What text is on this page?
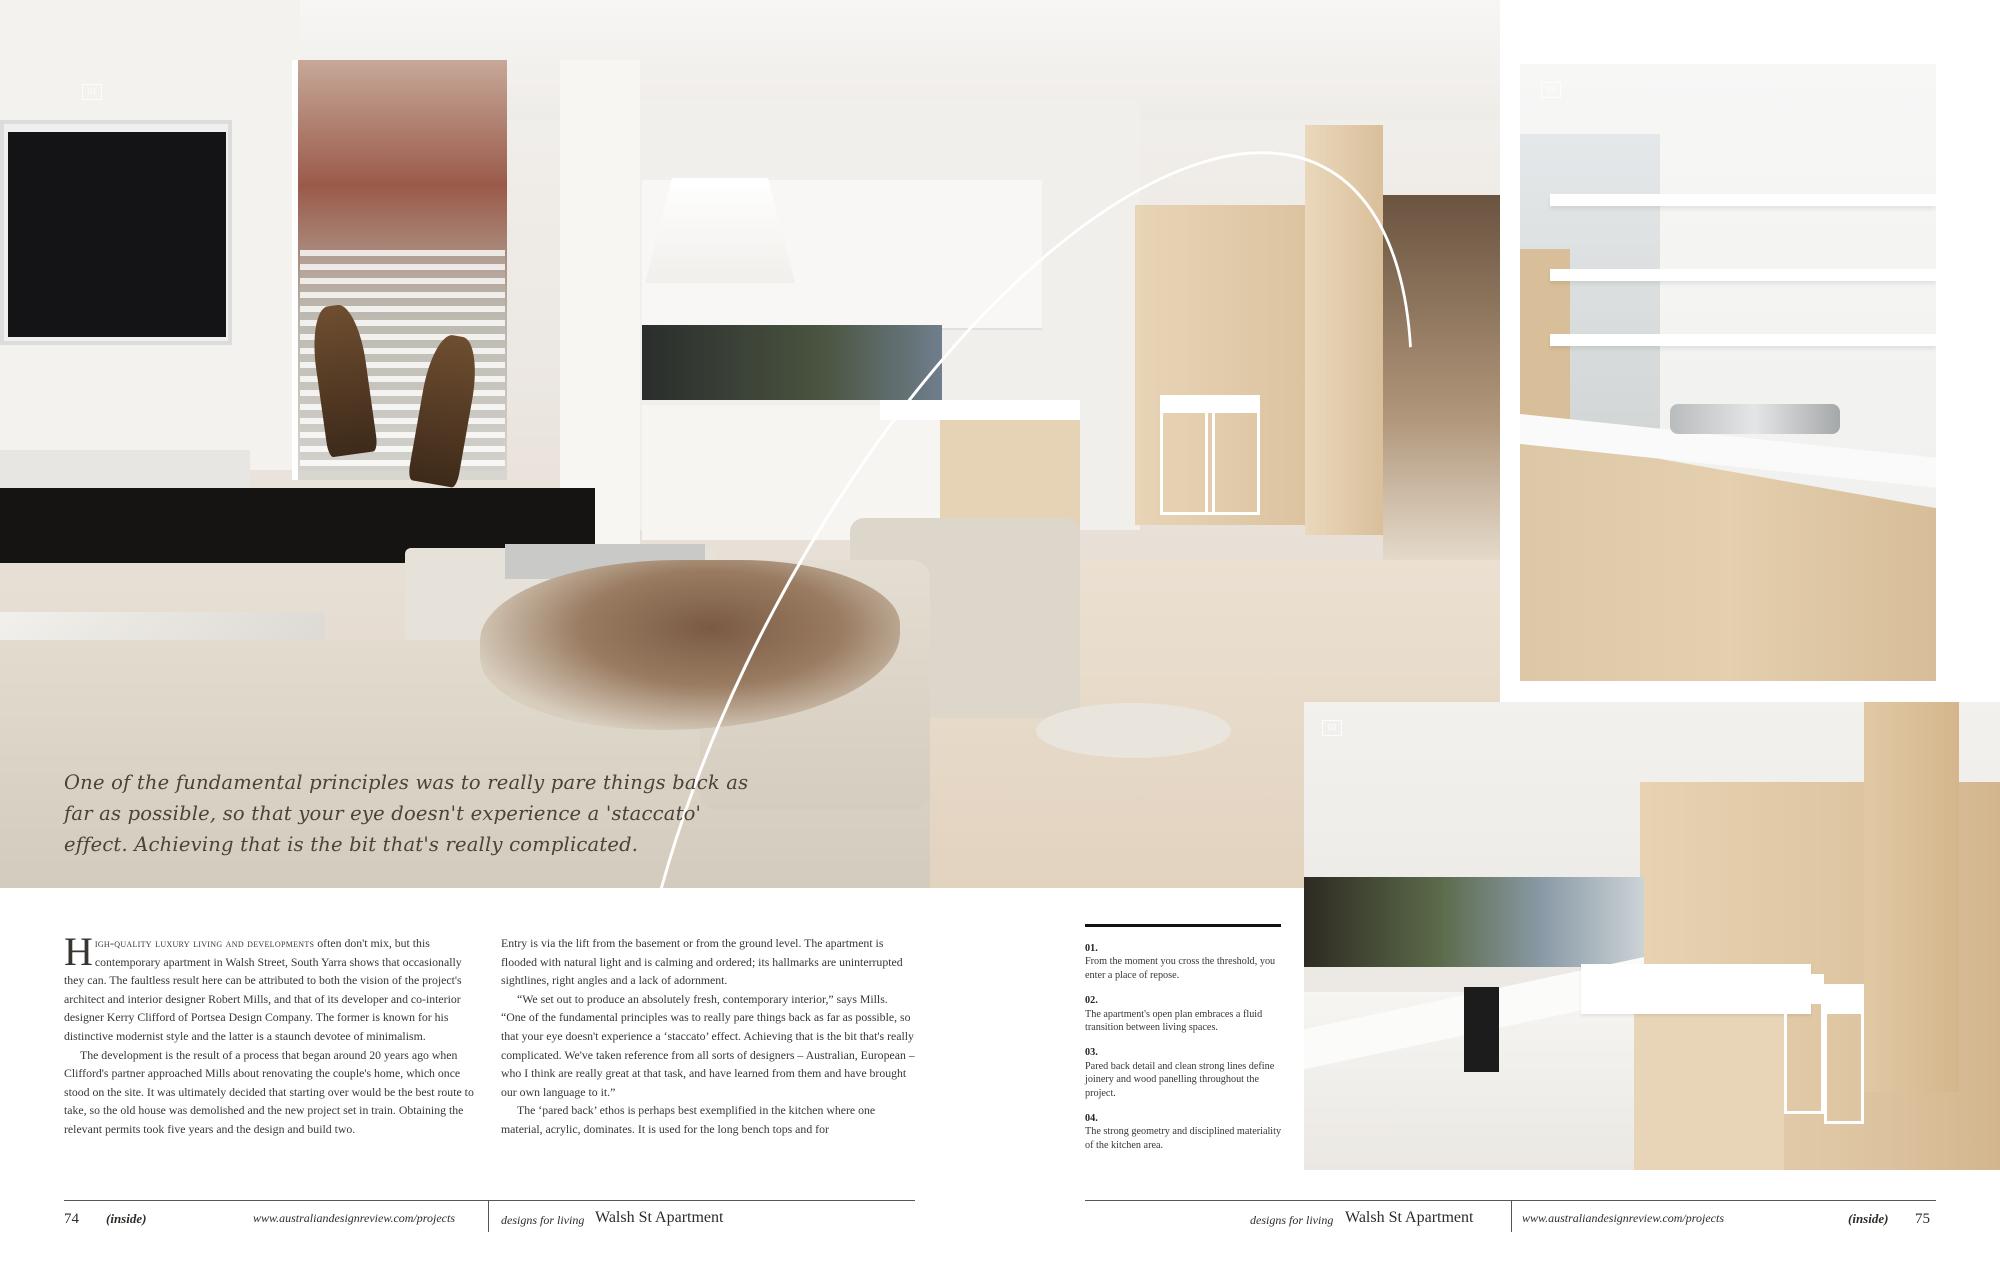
01

One of the fundamental principles was to really pare things back as far as possible, so that your eye doesn't experience a 'staccato' effect. Achieving that is the bit that's really complicated.

02
03

High-quality luxury living and developments often don't mix, but this contemporary apartment in Walsh Street, South Yarra shows that occasionally they can. The faultless result here can be attributed to both the vision of the project's architect and interior designer Robert Mills, and that of its developer and co-interior designer Kerry Clifford of Portsea Design Company. The former is known for his distinctive modernist style and the latter is a staunch devotee of minimalism.

The development is the result of a process that began around 20 years ago when Clifford's partner approached Mills about renovating the couple's home, which once stood on the site. It was ultimately decided that starting over would be the best route to take, so the old house was demolished and the new project set in train. Obtaining the relevant permits took five years and the design and build two.

Entry is via the lift from the basement or from the ground level. The apartment is flooded with natural light and is calming and ordered; its hallmarks are uninterrupted sightlines, right angles and a lack of adornment.

“We set out to produce an absolutely fresh, contemporary interior,” says Mills. “One of the fundamental principles was to really pare things back as far as possible, so that your eye doesn't experience a ‘staccato’ effect. Achieving that is the bit that's really complicated. We've taken reference from all sorts of designers – Australian, European – who I think are really great at that task, and have learned from them and have brought our own language to it.”

The ‘pared back’ ethos is perhaps best exemplified in the kitchen where one material, acrylic, dominates. It is used for the long bench tops and for

01.
From the moment you cross the threshold, you enter a place of repose.
02.
The apartment's open plan embraces a fluid transition between living spaces.
03.
Pared back detail and clean strong lines define joinery and wood panelling throughout the project.
04.
The strong geometry and disciplined materiality of the kitchen area.
74 (inside)	www.australiandesignreview.com/projects	designs for living Walsh St Apartment	designs for living Walsh St Apartment	www.australiandesignreview.com/projects	(inside) 75
